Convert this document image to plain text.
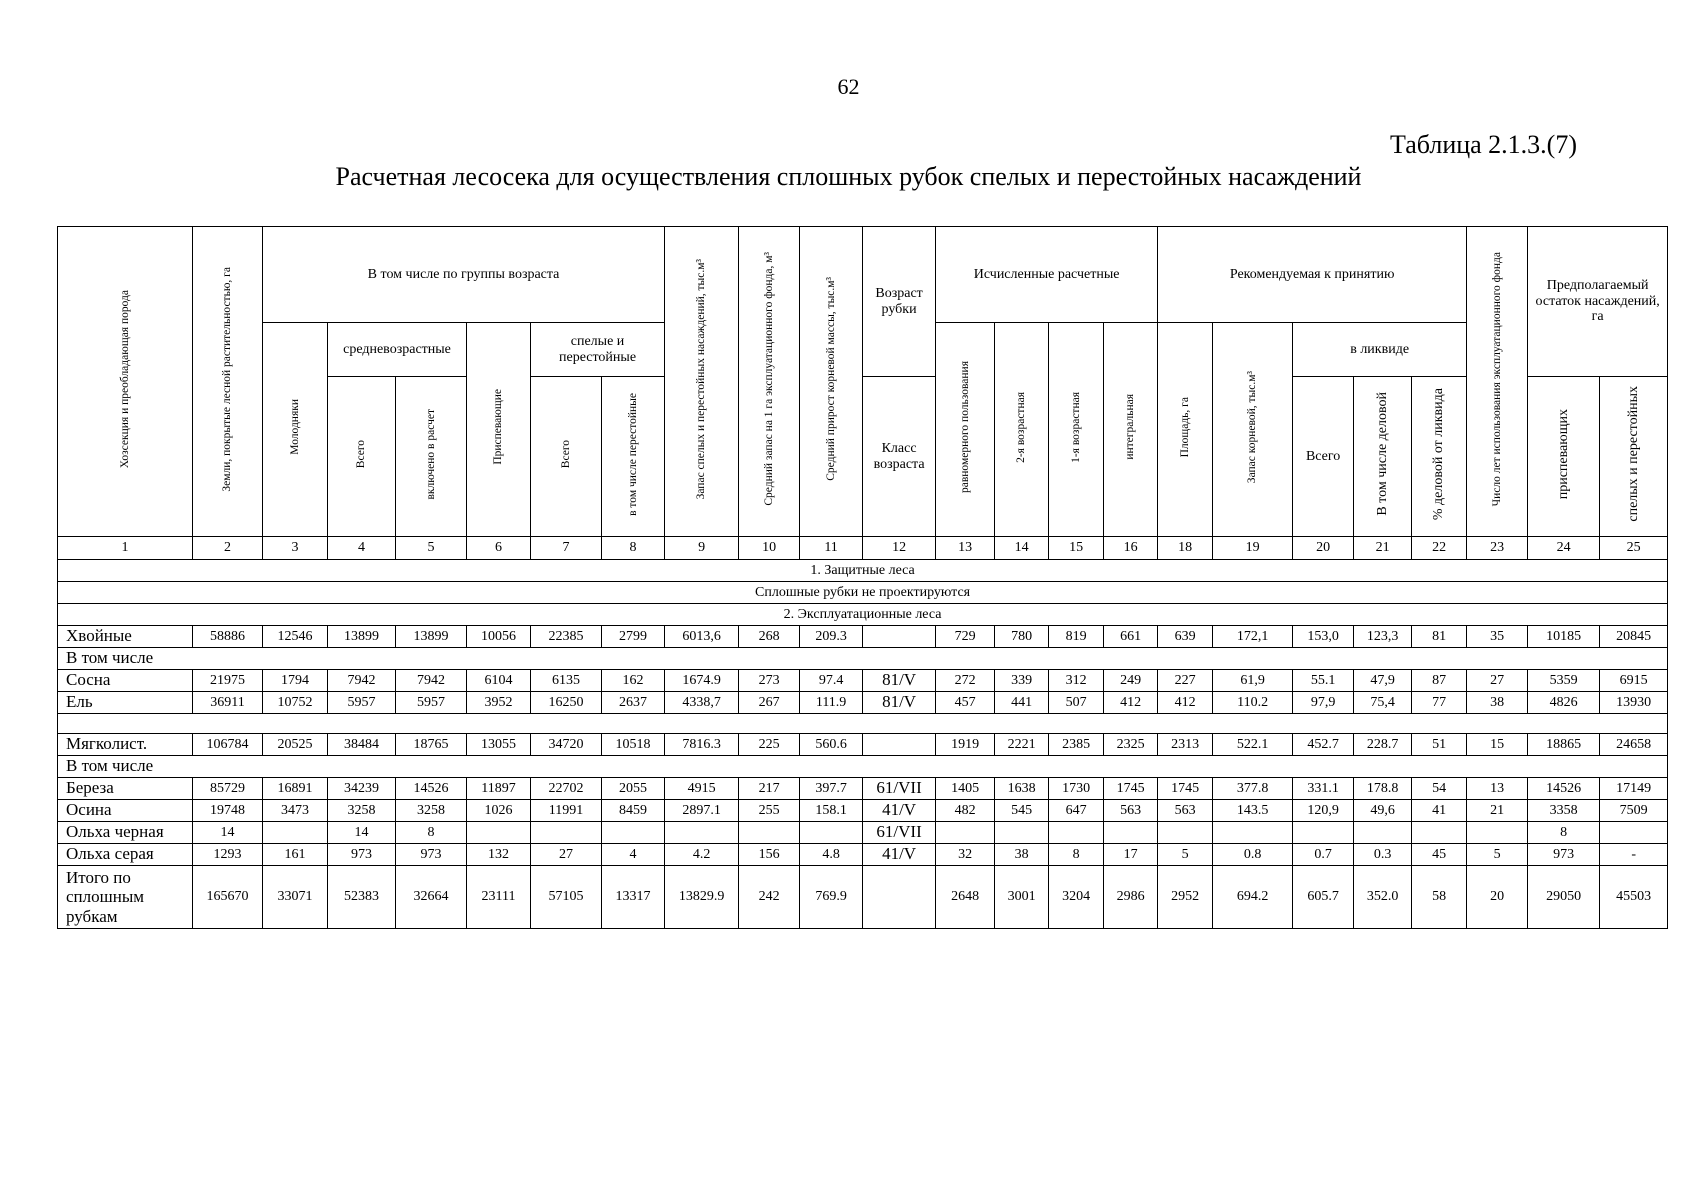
62
Таблица 2.1.3.(7)
Расчетная лесосека для осуществления сплошных рубок спелых и перестойных насаждений
Хозсекция и преобладающая порода	Земли, покрытые лесной растительностью, га	В том числе по группы возраста						Запас спелых и перестойных насаждений, тыс.м³	Средний запас на 1 га эксплуатационного фонда, м³	Средний прирост корневой массы, тыс.м³	Возраст рубки	Исчисленные расчетные				Рекомендуемая к принятию					Число лет использования эксплуатационного фонда	Предполагаемый остаток насаждений, га	
		Молодняки	средневозрастные		Приспевающие	спелые и перестойные						равномерного пользования	2-я возрастная	1-я возрастная	интегральная	Площадь, га	Запас корневой, тыс.м³	в ликвиде					
			Всего	включено в расчет		Всего	в том числе перестойные				Класс возраста							Всего	В том числе деловой	% деловой от ликвида		приспевающих	спелых и перестойных
1	2	3	4	5	6	7	8	9	10	11	12	13	14	15	16	18	19	20	21	22	23	24	25
1. Защитные леса																							
Сплошные рубки не проектируются																							
2. Эксплуатационные леса																							
Хвойные	58886	12546	13899	13899	10056	22385	2799	6013,6	268	209.3		729	780	819	661	639	172,1	153,0	123,3	81	35	10185	20845
В том числе																							
Сосна	21975	1794	7942	7942	6104	6135	162	1674.9	273	97.4	81/V	272	339	312	249	227	61,9	55.1	47,9	87	27	5359	6915
Ель	36911	10752	5957	5957	3952	16250	2637	4338,7	267	111.9	81/V	457	441	507	412	412	110.2	97,9	75,4	77	38	4826	13930

Мягколист.	106784	20525	38484	18765	13055	34720	10518	7816.3	225	560.6		1919	2221	2385	2325	2313	522.1	452.7	228.7	51	15	18865	24658
В том числе																							
Береза	85729	16891	34239	14526	11897	22702	2055	4915	217	397.7	61/VII	1405	1638	1730	1745	1745	377.8	331.1	178.8	54	13	14526	17149
Осина	19748	3473	3258	3258	1026	11991	8459	2897.1	255	158.1	41/V	482	545	647	563	563	143.5	120,9	49,6	41	21	3358	7509
Ольха черная	14		14	8							61/VII											8	
Ольха серая	1293	161	973	973	132	27	4	4.2	156	4.8	41/V	32	38	8	17	5	0.8	0.7	0.3	45	5	973	-
Итого по сплошным рубкам	165670	33071	52383	32664	23111	57105	13317	13829.9	242	769.9		2648	3001	3204	2986	2952	694.2	605.7	352.0	58	20	29050	45503
